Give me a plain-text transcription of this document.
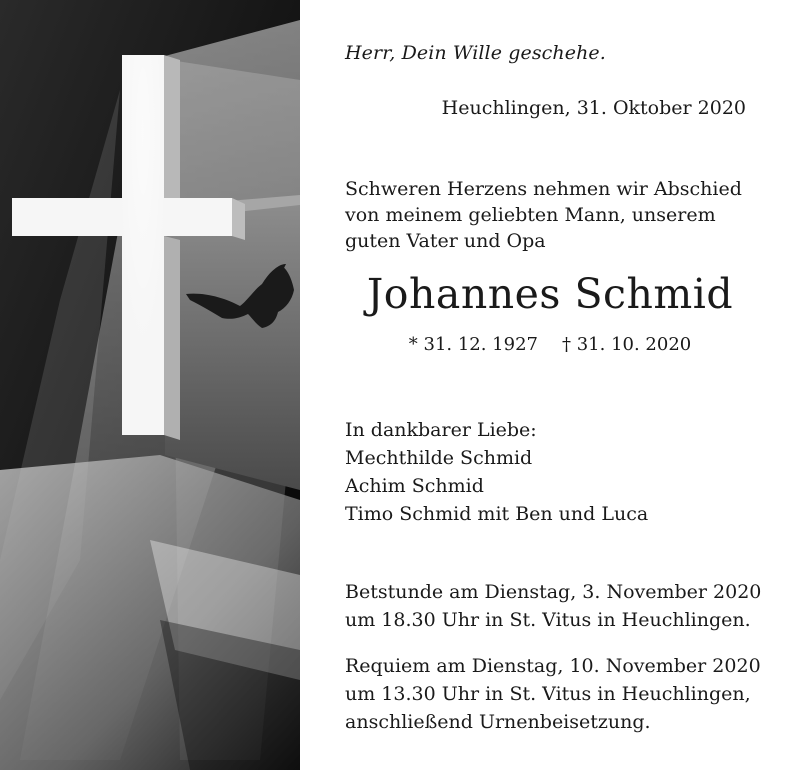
Herr, Dein Wille geschehe.
Heuchlingen, 31. Oktober 2020
Schweren Herzens nehmen wir Abschied
von meinem geliebten Mann, unserem
guten Vater und Opa
Johannes Schmid
* 31. 12. 1927 † 31. 10. 2020
In dankbarer Liebe:
Mechthilde Schmid
Achim Schmid
Timo Schmid mit Ben und Luca
Betstunde am Dienstag, 3. November 2020
um 18.30 Uhr in St. Vitus in Heuchlingen.
Requiem am Dienstag, 10. November 2020
um 13.30 Uhr in St. Vitus in Heuchlingen,
anschließend Urnenbeisetzung.
